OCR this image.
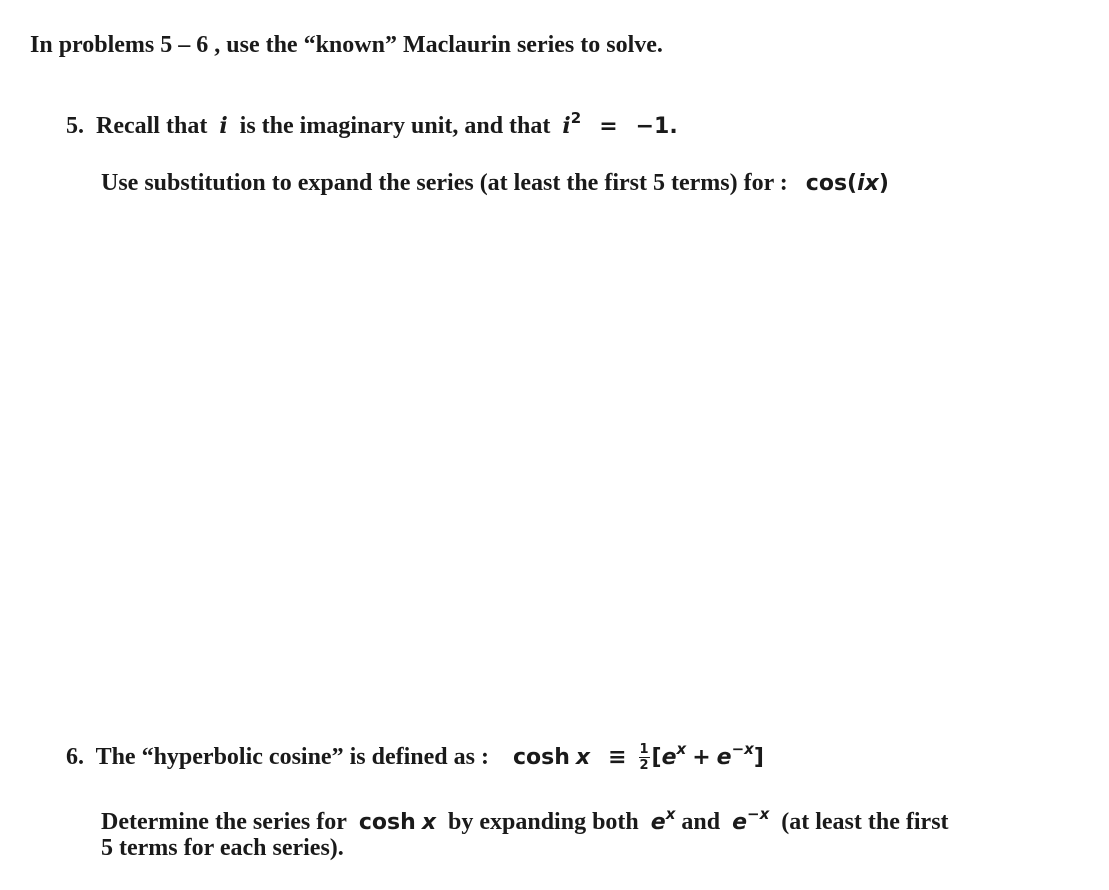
In problems 5 – 6 , use the “known” Maclaurin series to solve.
5. Recall that i is the imaginary unit, and that $i^2 = -1$.
Use substitution to expand the series (at least the first 5 terms) for : cos(ix)
6. The “hyperbolic cosine” is defined as : $\cosh x \equiv \frac{1}{2} [e^x + e^{-x}]$
Determine the series for cosh x by expanding both $e^x$ and $e^{-x}$ (at least the first
5 terms for each series).
